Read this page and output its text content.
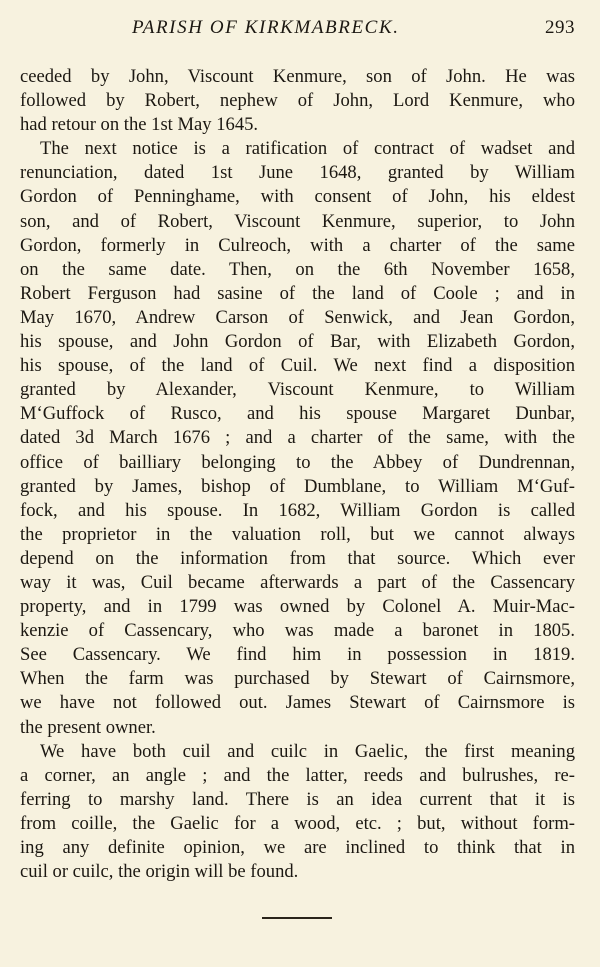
PARISH OF KIRKMABRECK.	293
ceeded by John, Viscount Kenmure, son of John. He was
followed by Robert, nephew of John, Lord Kenmure, who
had retour on the 1st May 1645.
The next notice is a ratification of contract of wadset and
renunciation, dated 1st June 1648, granted by William
Gordon of Penninghame, with consent of John, his eldest
son, and of Robert, Viscount Kenmure, superior, to John
Gordon, formerly in Culreoch, with a charter of the same
on the same date. Then, on the 6th November 1658,
Robert Ferguson had sasine of the land of Coole ; and in
May 1670, Andrew Carson of Senwick, and Jean Gordon,
his spouse, and John Gordon of Bar, with Elizabeth Gordon,
his spouse, of the land of Cuil. We next find a disposition
granted by Alexander, Viscount Kenmure, to William
M‘Guffock of Rusco, and his spouse Margaret Dunbar,
dated 3d March 1676 ; and a charter of the same, with the
office of bailliary belonging to the Abbey of Dundrennan,
granted by James, bishop of Dumblane, to William M‘Guf-
fock, and his spouse. In 1682, William Gordon is called
the proprietor in the valuation roll, but we cannot always
depend on the information from that source. Which ever
way it was, Cuil became afterwards a part of the Cassencary
property, and in 1799 was owned by Colonel A. Muir-Mac-
kenzie of Cassencary, who was made a baronet in 1805.
See Cassencary. We find him in possession in 1819.
When the farm was purchased by Stewart of Cairnsmore,
we have not followed out. James Stewart of Cairnsmore is
the present owner.
We have both cuil and cuilc in Gaelic, the first meaning
a corner, an angle ; and the latter, reeds and bulrushes, re-
ferring to marshy land. There is an idea current that it is
from coille, the Gaelic for a wood, etc. ; but, without form-
ing any definite opinion, we are inclined to think that in
cuil or cuilc, the origin will be found.
